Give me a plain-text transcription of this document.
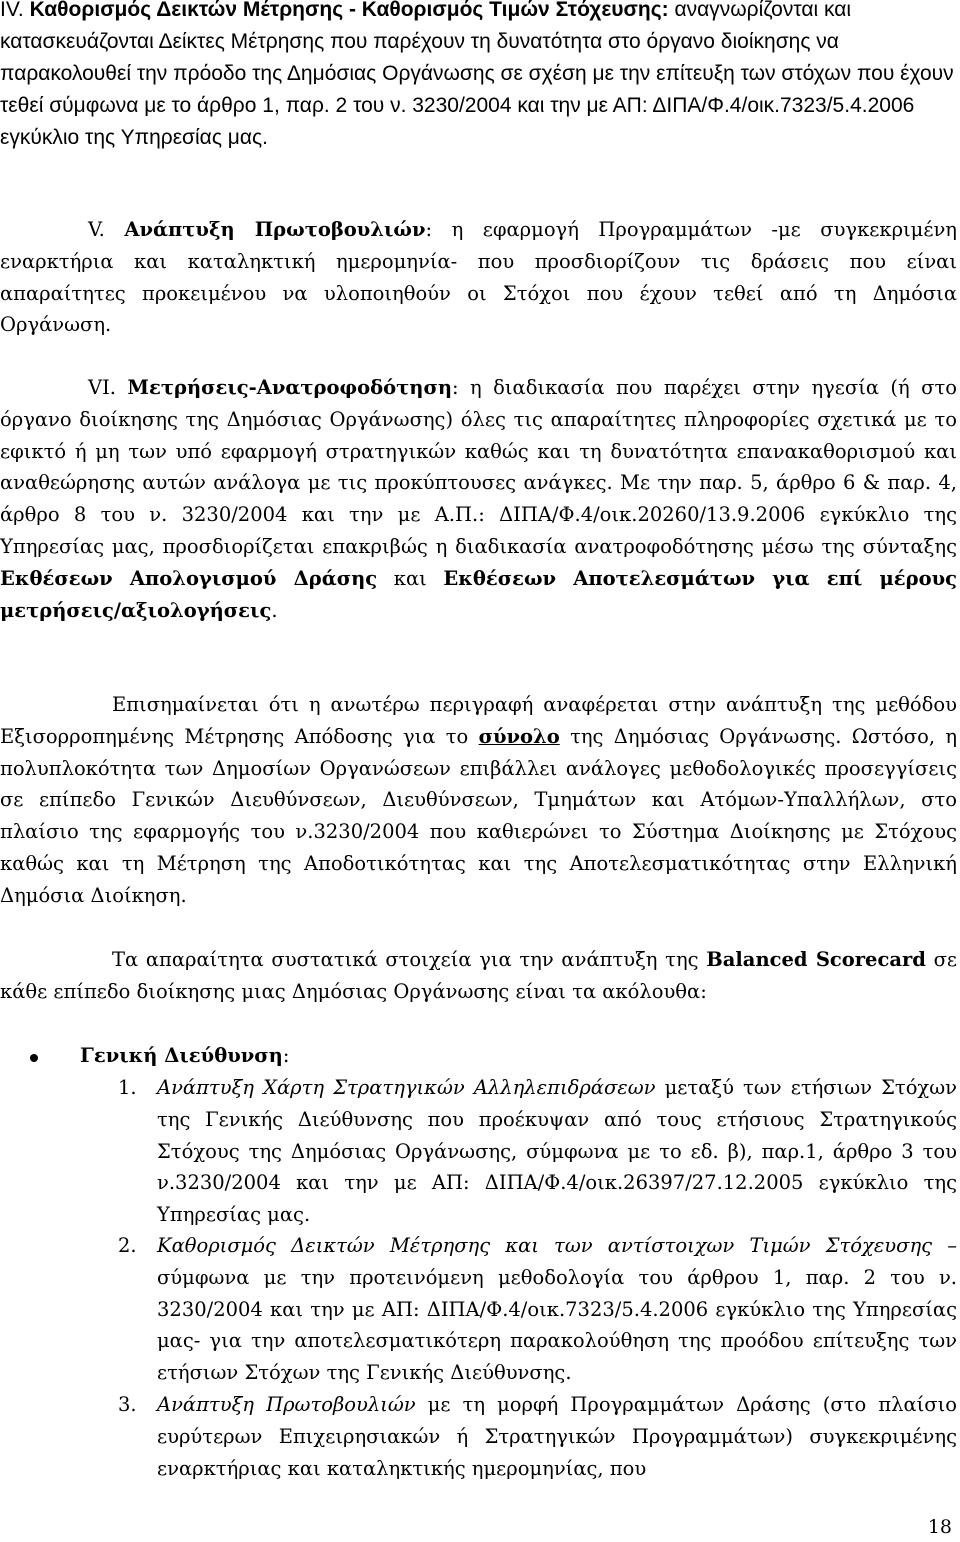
IV. Καθορισμός Δεικτών Μέτρησης - Καθορισμός Τιμών Στόχευσης: αναγνωρίζονται και κατασκευάζονται Δείκτες Μέτρησης που παρέχουν τη δυνατότητα στο όργανο διοίκησης να παρακολουθεί την πρόοδο της Δημόσιας Οργάνωσης σε σχέση με την επίτευξη των στόχων που έχουν τεθεί σύμφωνα με το άρθρο 1, παρ. 2 του ν. 3230/2004 και την με ΑΠ: ΔΙΠΑ/Φ.4/οικ.7323/5.4.2006 εγκύκλιο της Υπηρεσίας μας.

V. Ανάπτυξη Πρωτοβουλιών: η εφαρμογή Προγραμμάτων -με συγκεκριμένη εναρκτήρια και καταληκτική ημερομηνία- που προσδιορίζουν τις δράσεις που είναι απαραίτητες προκειμένου να υλοποιηθούν οι Στόχοι που έχουν τεθεί από τη Δημόσια Οργάνωση.

VI. Μετρήσεις-Ανατροφοδότηση: η διαδικασία που παρέχει στην ηγεσία (ή στο όργανο διοίκησης της Δημόσιας Οργάνωσης) όλες τις απαραίτητες πληροφορίες σχετικά με το εφικτό ή μη των υπό εφαρμογή στρατηγικών καθώς και τη δυνατότητα επανακαθορισμού και αναθεώρησης αυτών ανάλογα με τις προκύπτουσες ανάγκες. Με την παρ. 5, άρθρο 6 & παρ. 4, άρθρο 8 του ν. 3230/2004 και την με Α.Π.: ΔΙΠΑ/Φ.4/οικ.20260/13.9.2006 εγκύκλιο της Υπηρεσίας μας, προσδιορίζεται επακριβώς η διαδικασία ανατροφοδότησης μέσω της σύνταξης Εκθέσεων Απολογισμού Δράσης και Εκθέσεων Αποτελεσμάτων για επί μέρους μετρήσεις/αξιολογήσεις.

Επισημαίνεται ότι η ανωτέρω περιγραφή αναφέρεται στην ανάπτυξη της μεθόδου Εξισορροπημένης Μέτρησης Απόδοσης για το σύνολο της Δημόσιας Οργάνωσης. Ωστόσο, η πολυπλοκότητα των Δημοσίων Οργανώσεων επιβάλλει ανάλογες μεθοδολογικές προσεγγίσεις σε επίπεδο Γενικών Διευθύνσεων, Διευθύνσεων, Τμημάτων και Ατόμων-Υπαλλήλων, στο πλαίσιο της εφαρμογής του ν.3230/2004 που καθιερώνει το Σύστημα Διοίκησης με Στόχους καθώς και τη Μέτρηση της Αποδοτικότητας και της Αποτελεσματικότητας στην Ελληνική Δημόσια Διοίκηση.

Τα απαραίτητα συστατικά στοιχεία για την ανάπτυξη της Balanced Scorecard σε κάθε επίπεδο διοίκησης μιας Δημόσιας Οργάνωσης είναι τα ακόλουθα:

Γενική Διεύθυνση:
1. Ανάπτυξη Χάρτη Στρατηγικών Αλληλεπιδράσεων μεταξύ των ετήσιων Στόχων της Γενικής Διεύθυνσης που προέκυψαν από τους ετήσιους Στρατηγικούς Στόχους της Δημόσιας Οργάνωσης, σύμφωνα με το εδ. β), παρ.1, άρθρο 3 του ν.3230/2004 και την με ΑΠ: ΔΙΠΑ/Φ.4/οικ.26397/27.12.2005 εγκύκλιο της Υπηρεσίας μας.

2. Καθορισμός Δεικτών Μέτρησης και των αντίστοιχων Τιμών Στόχευσης – σύμφωνα με την προτεινόμενη μεθοδολογία του άρθρου 1, παρ. 2 του ν. 3230/2004 και την με ΑΠ: ΔΙΠΑ/Φ.4/οικ.7323/5.4.2006 εγκύκλιο της Υπηρεσίας μας- για την αποτελεσματικότερη παρακολούθηση της προόδου επίτευξης των ετήσιων Στόχων της Γενικής Διεύθυνσης.

3. Ανάπτυξη Πρωτοβουλιών με τη μορφή Προγραμμάτων Δράσης (στο πλαίσιο ευρύτερων Επιχειρησιακών ή Στρατηγικών Προγραμμάτων) συγκεκριμένης εναρκτήριας και καταληκτικής ημερομηνίας, που

18
